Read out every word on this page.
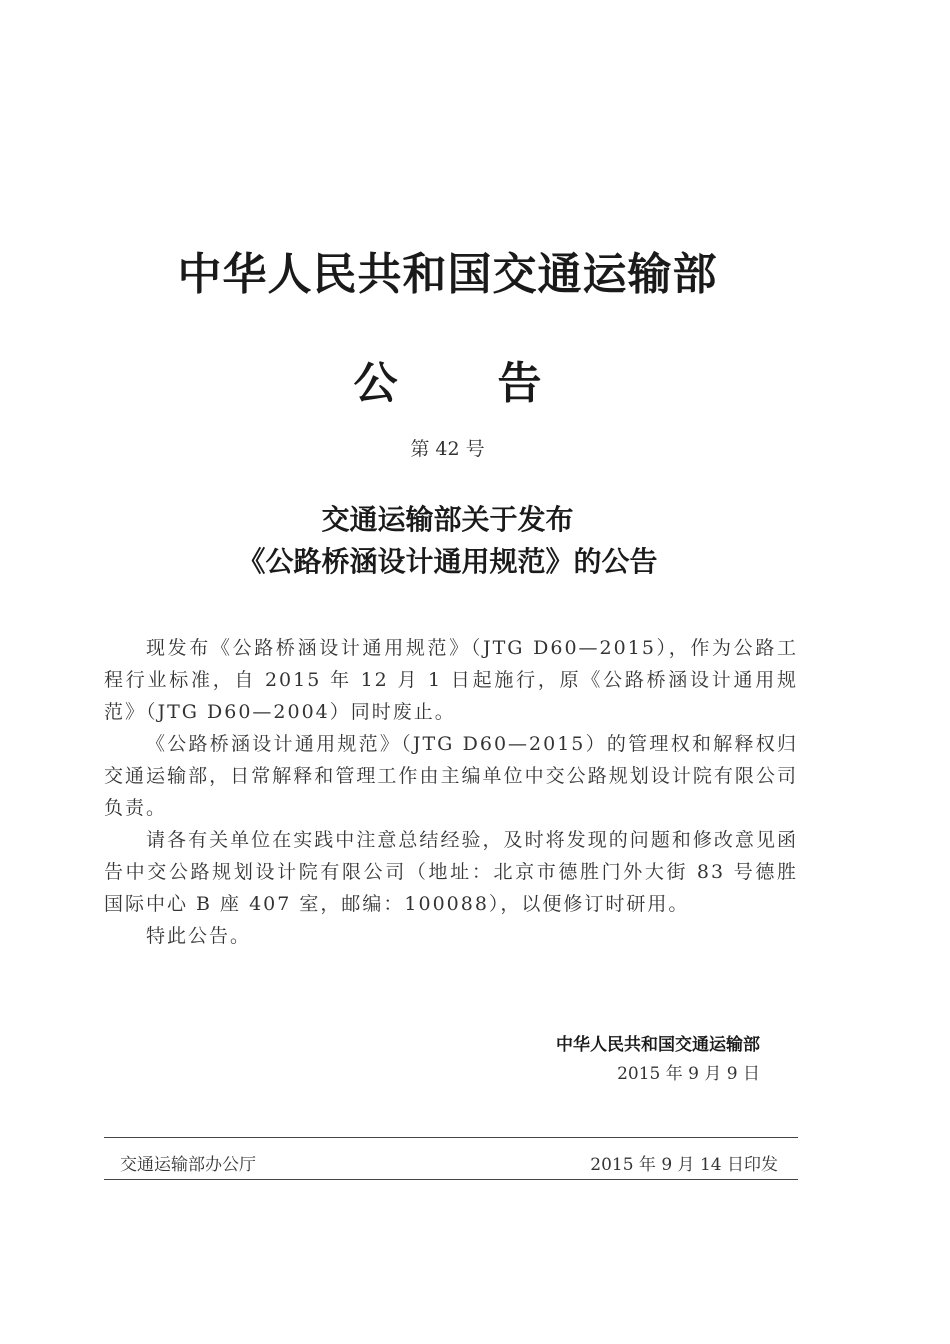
中华人民共和国交通运输部
公告
第 42 号
交通运输部关于发布
《公路桥涵设计通用规范》的公告

现发布《公路桥涵设计通用规范》（JTG D60—2015），作为公路工程行业标准，自 2015 年 12 月 1 日起施行，原《公路桥涵设计通用规范》（JTG D60—2004）同时废止。

《公路桥涵设计通用规范》（JTG D60—2015）的管理权和解释权归交通运输部，日常解释和管理工作由主编单位中交公路规划设计院有限公司负责。

请各有关单位在实践中注意总结经验，及时将发现的问题和修改意见函告中交公路规划设计院有限公司（地址：北京市德胜门外大街 83 号德胜国际中心 B 座 407 室，邮编：100088），以便修订时研用。

特此公告。

中华人民共和国交通运输部
2015 年 9 月 9 日
交通运输部办公厅	2015 年 9 月 14 日印发
